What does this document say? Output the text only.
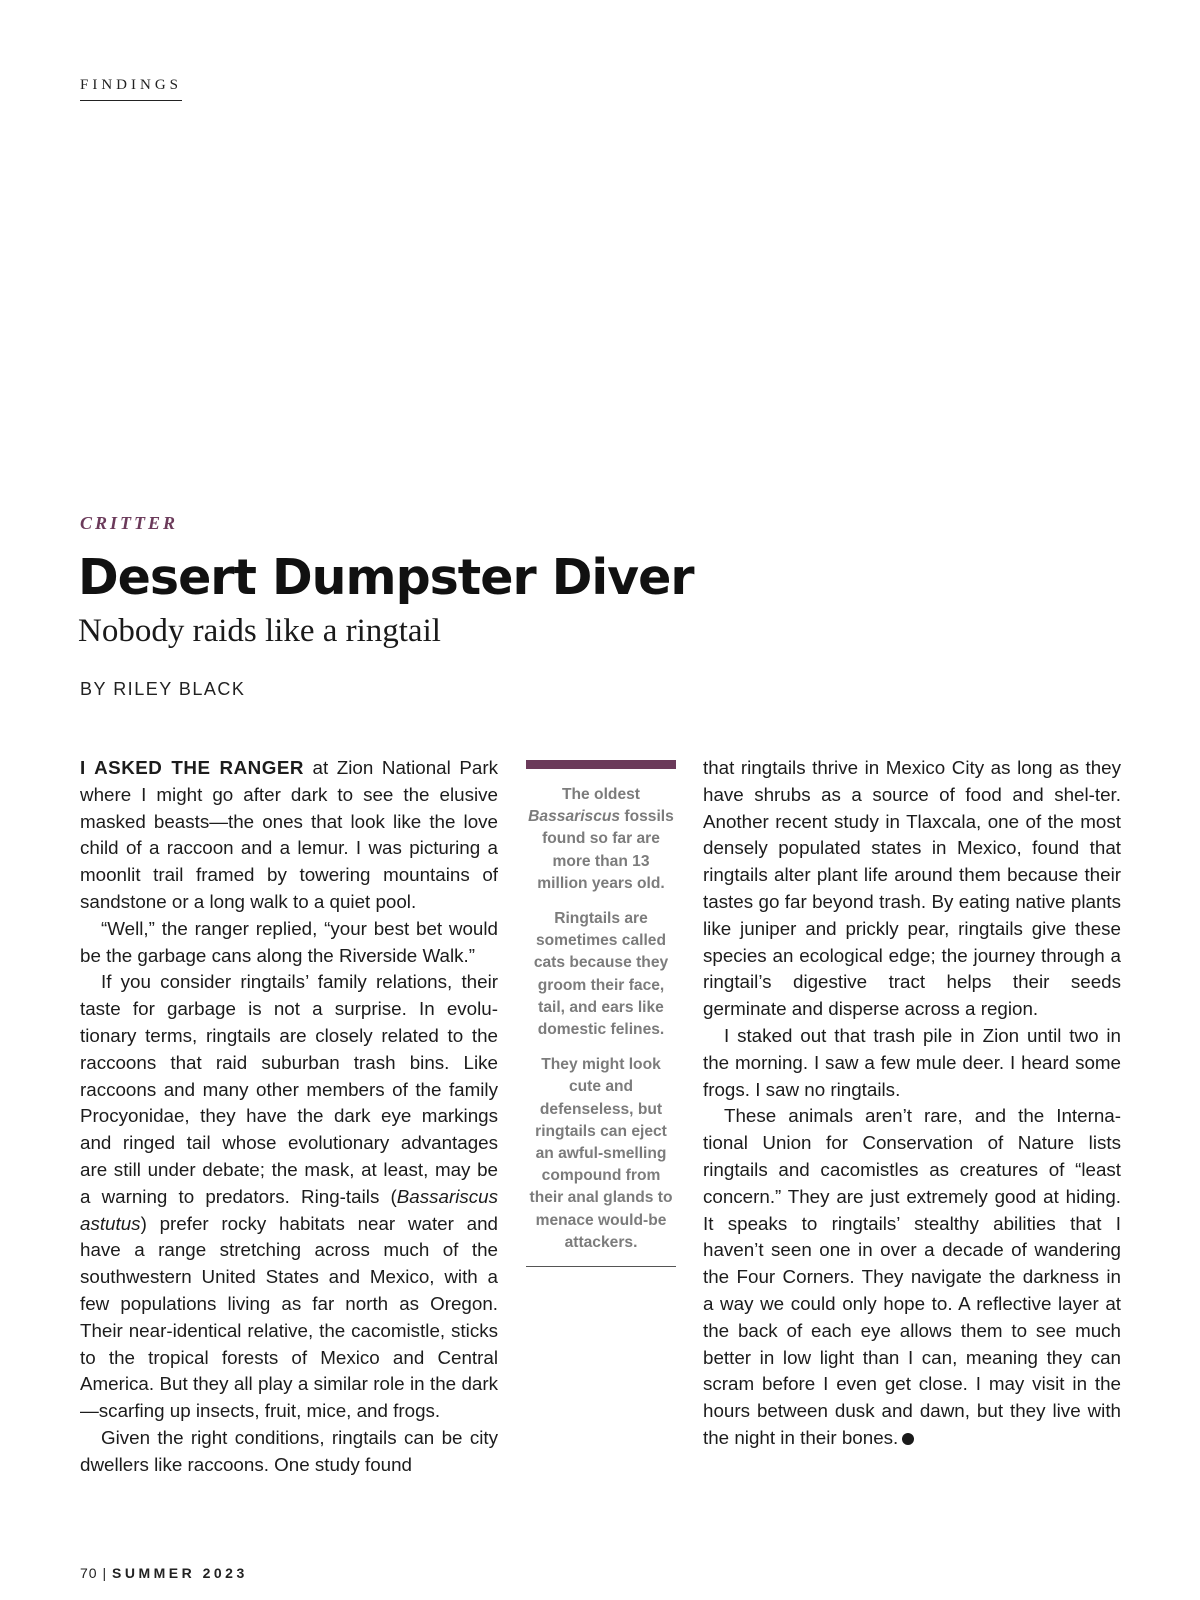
FINDINGS
CRITTER
Desert Dumpster Diver
Nobody raids like a ringtail
BY RILEY BLACK

I ASKED THE RANGER at Zion National Park where I might go after dark to see the elusive masked beasts—the ones that look like the love child of a raccoon and a lemur. I was picturing a moonlit trail framed by towering mountains of sandstone or a long walk to a quiet pool.

“Well,” the ranger replied, “your best bet would be the garbage cans along the Riverside Walk.”

If you consider ringtails’ family relations, their taste for garbage is not a surprise. In evolu-tionary terms, ringtails are closely related to the raccoons that raid suburban trash bins. Like raccoons and many other members of the family Procyonidae, they have the dark eye markings and ringed tail whose evolutionary advantages are still under debate; the mask, at least, may be a warning to predators. Ring-tails (Bassariscus astutus) prefer rocky habitats near water and have a range stretching across much of the southwestern United States and Mexico, with a few populations living as far north as Oregon. Their near-identical relative, the cacomistle, sticks to the tropical forests of Mexico and Central America. But they all play a similar role in the dark—scarfing up insects, fruit, mice, and frogs.

Given the right conditions, ringtails can be city dwellers like raccoons. One study found

The oldest Bassariscus fossils found so far are more than 13 million years old.

Ringtails are sometimes called cats because they groom their face, tail, and ears like domestic felines.

They might look cute and defenseless, but ringtails can eject an awful-smelling compound from their anal glands to menace would-be attackers.

that ringtails thrive in Mexico City as long as they have shrubs as a source of food and shel-ter. Another recent study in Tlaxcala, one of the most densely populated states in Mexico, found that ringtails alter plant life around them because their tastes go far beyond trash. By eating native plants like juniper and prickly pear, ringtails give these species an ecological edge; the journey through a ringtail’s digestive tract helps their seeds germinate and disperse across a region.

I staked out that trash pile in Zion until two in the morning. I saw a few mule deer. I heard some frogs. I saw no ringtails.

These animals aren’t rare, and the Interna-tional Union for Conservation of Nature lists ringtails and cacomistles as creatures of “least concern.” They are just extremely good at hiding. It speaks to ringtails’ stealthy abilities that I haven’t seen one in over a decade of wandering the Four Corners. They navigate the darkness in a way we could only hope to. A reflective layer at the back of each eye allows them to see much better in low light than I can, meaning they can scram before I even get close. I may visit in the hours between dusk and dawn, but they live with the night in their bones.	✎

70 | SUMMER 2023
